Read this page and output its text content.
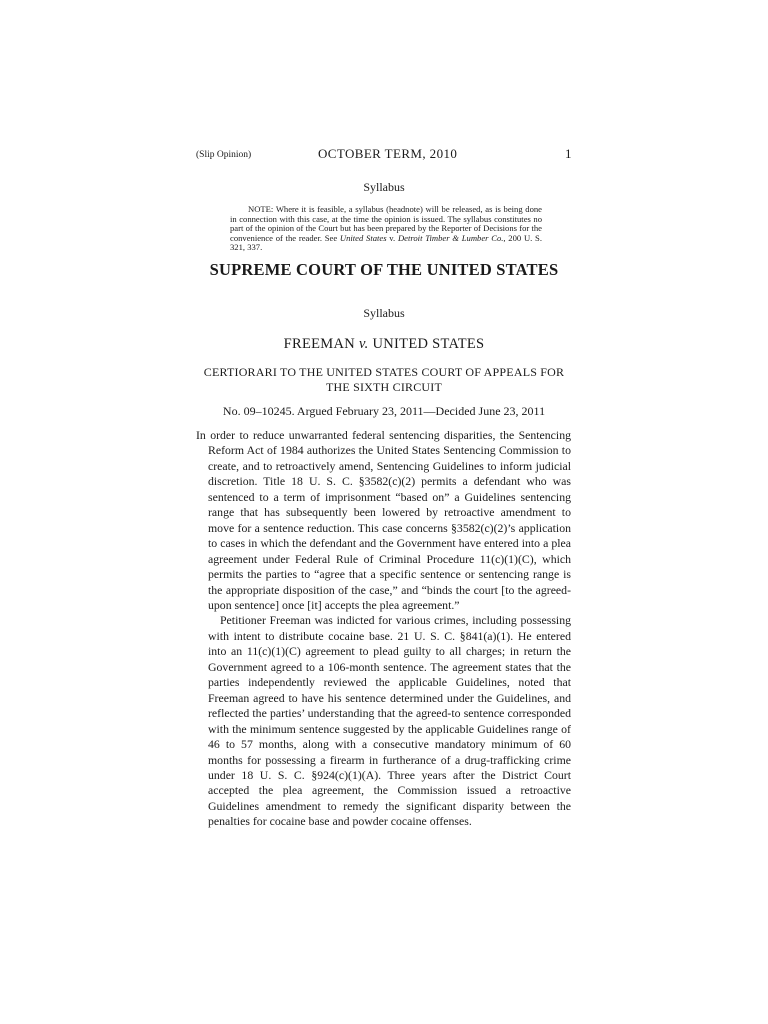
(Slip Opinion)	OCTOBER TERM, 2010	1
Syllabus
NOTE: Where it is feasible, a syllabus (headnote) will be released, as is being done in connection with this case, at the time the opinion is issued. The syllabus constitutes no part of the opinion of the Court but has been prepared by the Reporter of Decisions for the convenience of the reader. See United States v. Detroit Timber & Lumber Co., 200 U. S. 321, 337.
SUPREME COURT OF THE UNITED STATES
Syllabus
FREEMAN v. UNITED STATES
CERTIORARI TO THE UNITED STATES COURT OF APPEALS FOR THE SIXTH CIRCUIT
No. 09–10245. Argued February 23, 2011—Decided June 23, 2011

In order to reduce unwarranted federal sentencing disparities, the Sentencing Reform Act of 1984 authorizes the United States Sentencing Commission to create, and to retroactively amend, Sentencing Guidelines to inform judicial discretion. Title 18 U. S. C. §3582(c)(2) permits a defendant who was sentenced to a term of imprisonment “based on” a Guidelines sentencing range that has subsequently been lowered by retroactive amendment to move for a sentence reduction. This case concerns §3582(c)(2)’s application to cases in which the defendant and the Government have entered into a plea agreement under Federal Rule of Criminal Procedure 11(c)(1)(C), which permits the parties to “agree that a specific sentence or sentencing range is the appropriate disposition of the case,” and “binds the court [to the agreed-upon sentence] once [it] accepts the plea agreement.”

Petitioner Freeman was indicted for various crimes, including possessing with intent to distribute cocaine base. 21 U. S. C. §841(a)(1). He entered into an 11(c)(1)(C) agreement to plead guilty to all charges; in return the Government agreed to a 106-month sentence. The agreement states that the parties independently reviewed the applicable Guidelines, noted that Freeman agreed to have his sentence determined under the Guidelines, and reflected the parties’ understanding that the agreed-to sentence corresponded with the minimum sentence suggested by the applicable Guidelines range of 46 to 57 months, along with a consecutive mandatory minimum of 60 months for possessing a firearm in furtherance of a drug-trafficking crime under 18 U. S. C. §924(c)(1)(A). Three years after the District Court accepted the plea agreement, the Commission issued a retroactive Guidelines amendment to remedy the significant disparity between the penalties for cocaine base and powder cocaine offenses.
